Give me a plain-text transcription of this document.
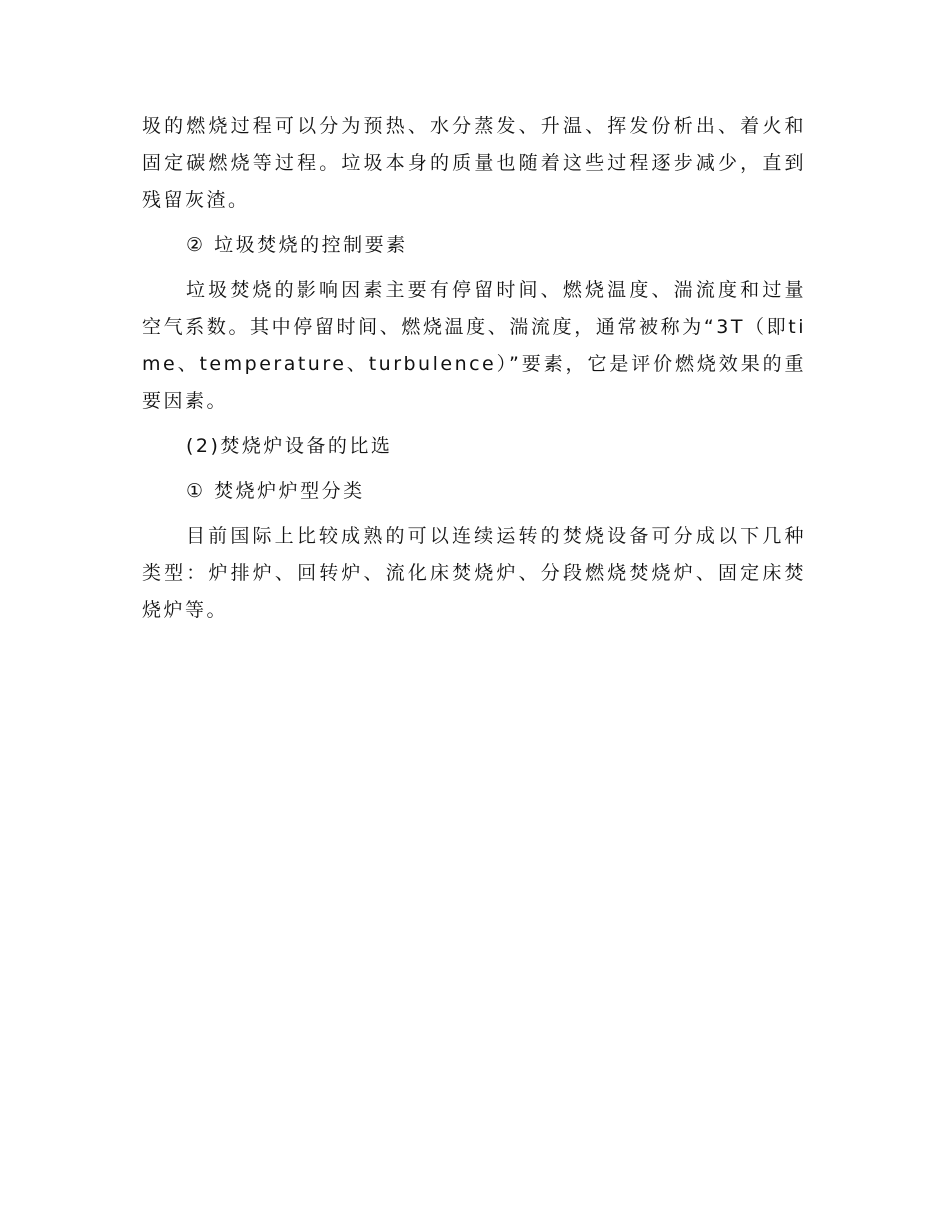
圾的燃烧过程可以分为预热、水分蒸发、升温、挥发份析出、着火和固定碳燃烧等过程。垃圾本身的质量也随着这些过程逐步减少，直到残留灰渣。

② 垃圾焚烧的控制要素

垃圾焚烧的影响因素主要有停留时间、燃烧温度、湍流度和过量空气系数。其中停留时间、燃烧温度、湍流度，通常被称为“3T（即time、temperature、turbulence）”要素，它是评价燃烧效果的重要因素。

(2)焚烧炉设备的比选

① 焚烧炉炉型分类

目前国际上比较成熟的可以连续运转的焚烧设备可分成以下几种类型：炉排炉、回转炉、流化床焚烧炉、分段燃烧焚烧炉、固定床焚烧炉等。
